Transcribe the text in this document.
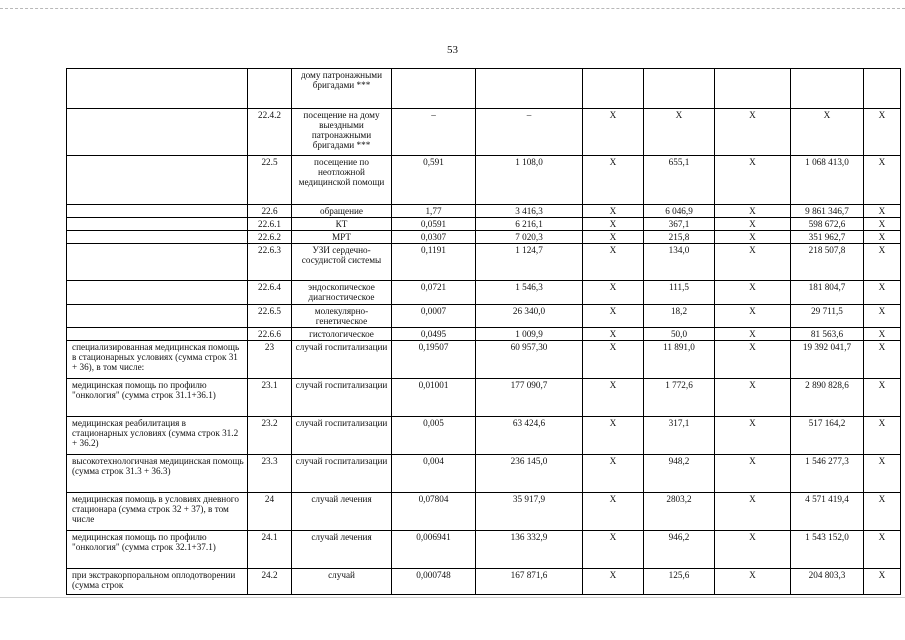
53
		дому патронажными бригадами ***							
	22.4.2	посещение на дому выездными патронажными бригадами ***	–	–	Х	Х	Х	Х	Х
	22.5	посещение по неотложной медицинской помощи	0,591	1 108,0	Х	655,1	Х	1 068 413,0	Х
	22.6	обращение	1,77	3 416,3	Х	6 046,9	Х	9 861 346,7	Х
	22.6.1	КТ	0,0591	6 216,1	Х	367,1	Х	598 672,6	Х
	22.6.2	МРТ	0,0307	7 020,3	Х	215,8	Х	351 962,7	Х
	22.6.3	УЗИ сердечно-сосудистой системы	0,1191	1 124,7	Х	134,0	Х	218 507,8	Х
	22.6.4	эндоскопическое диагностическое	0,0721	1 546,3	Х	111,5	Х	181 804,7	Х
	22.6.5	молекулярно-генетическое	0,0007	26 340,0	Х	18,2	Х	29 711,5	Х
	22.6.6	гистологическое	0,0495	1 009,9	Х	50,0	Х	81 563,6	Х
специализированная медицинская помощь в стационарных условиях (сумма строк 31 + 36), в том числе:	23	случай госпитализации	0,19507	60 957,30	Х	11 891,0	Х	19 392 041,7	Х
медицинская помощь по профилю "онкология" (сумма строк 31.1+36.1)	23.1	случай госпитализации	0,01001	177 090,7	Х	1 772,6	Х	2 890 828,6	Х
медицинская реабилитация в стационарных условиях (сумма строк 31.2 + 36.2)	23.2	случай госпитализации	0,005	63 424,6	Х	317,1	Х	517 164,2	Х
высокотехнологичная медицинская помощь (сумма строк 31.3 + 36.3)	23.3	случай госпитализации	0,004	236 145,0	Х	948,2	Х	1 546 277,3	Х
медицинская помощь в условиях дневного стационара (сумма строк 32 + 37), в том числе	24	случай лечения	0,07804	35 917,9	Х	2803,2	Х	4 571 419,4	Х
медицинская помощь по профилю "онкология" (сумма строк 32.1+37.1)	24.1	случай лечения	0,006941	136 332,9	Х	946,2	Х	1 543 152,0	Х
при экстракорпоральном оплодотворении (сумма строк	24.2	случай	0,000748	167 871,6	Х	125,6	Х	204 803,3	Х
